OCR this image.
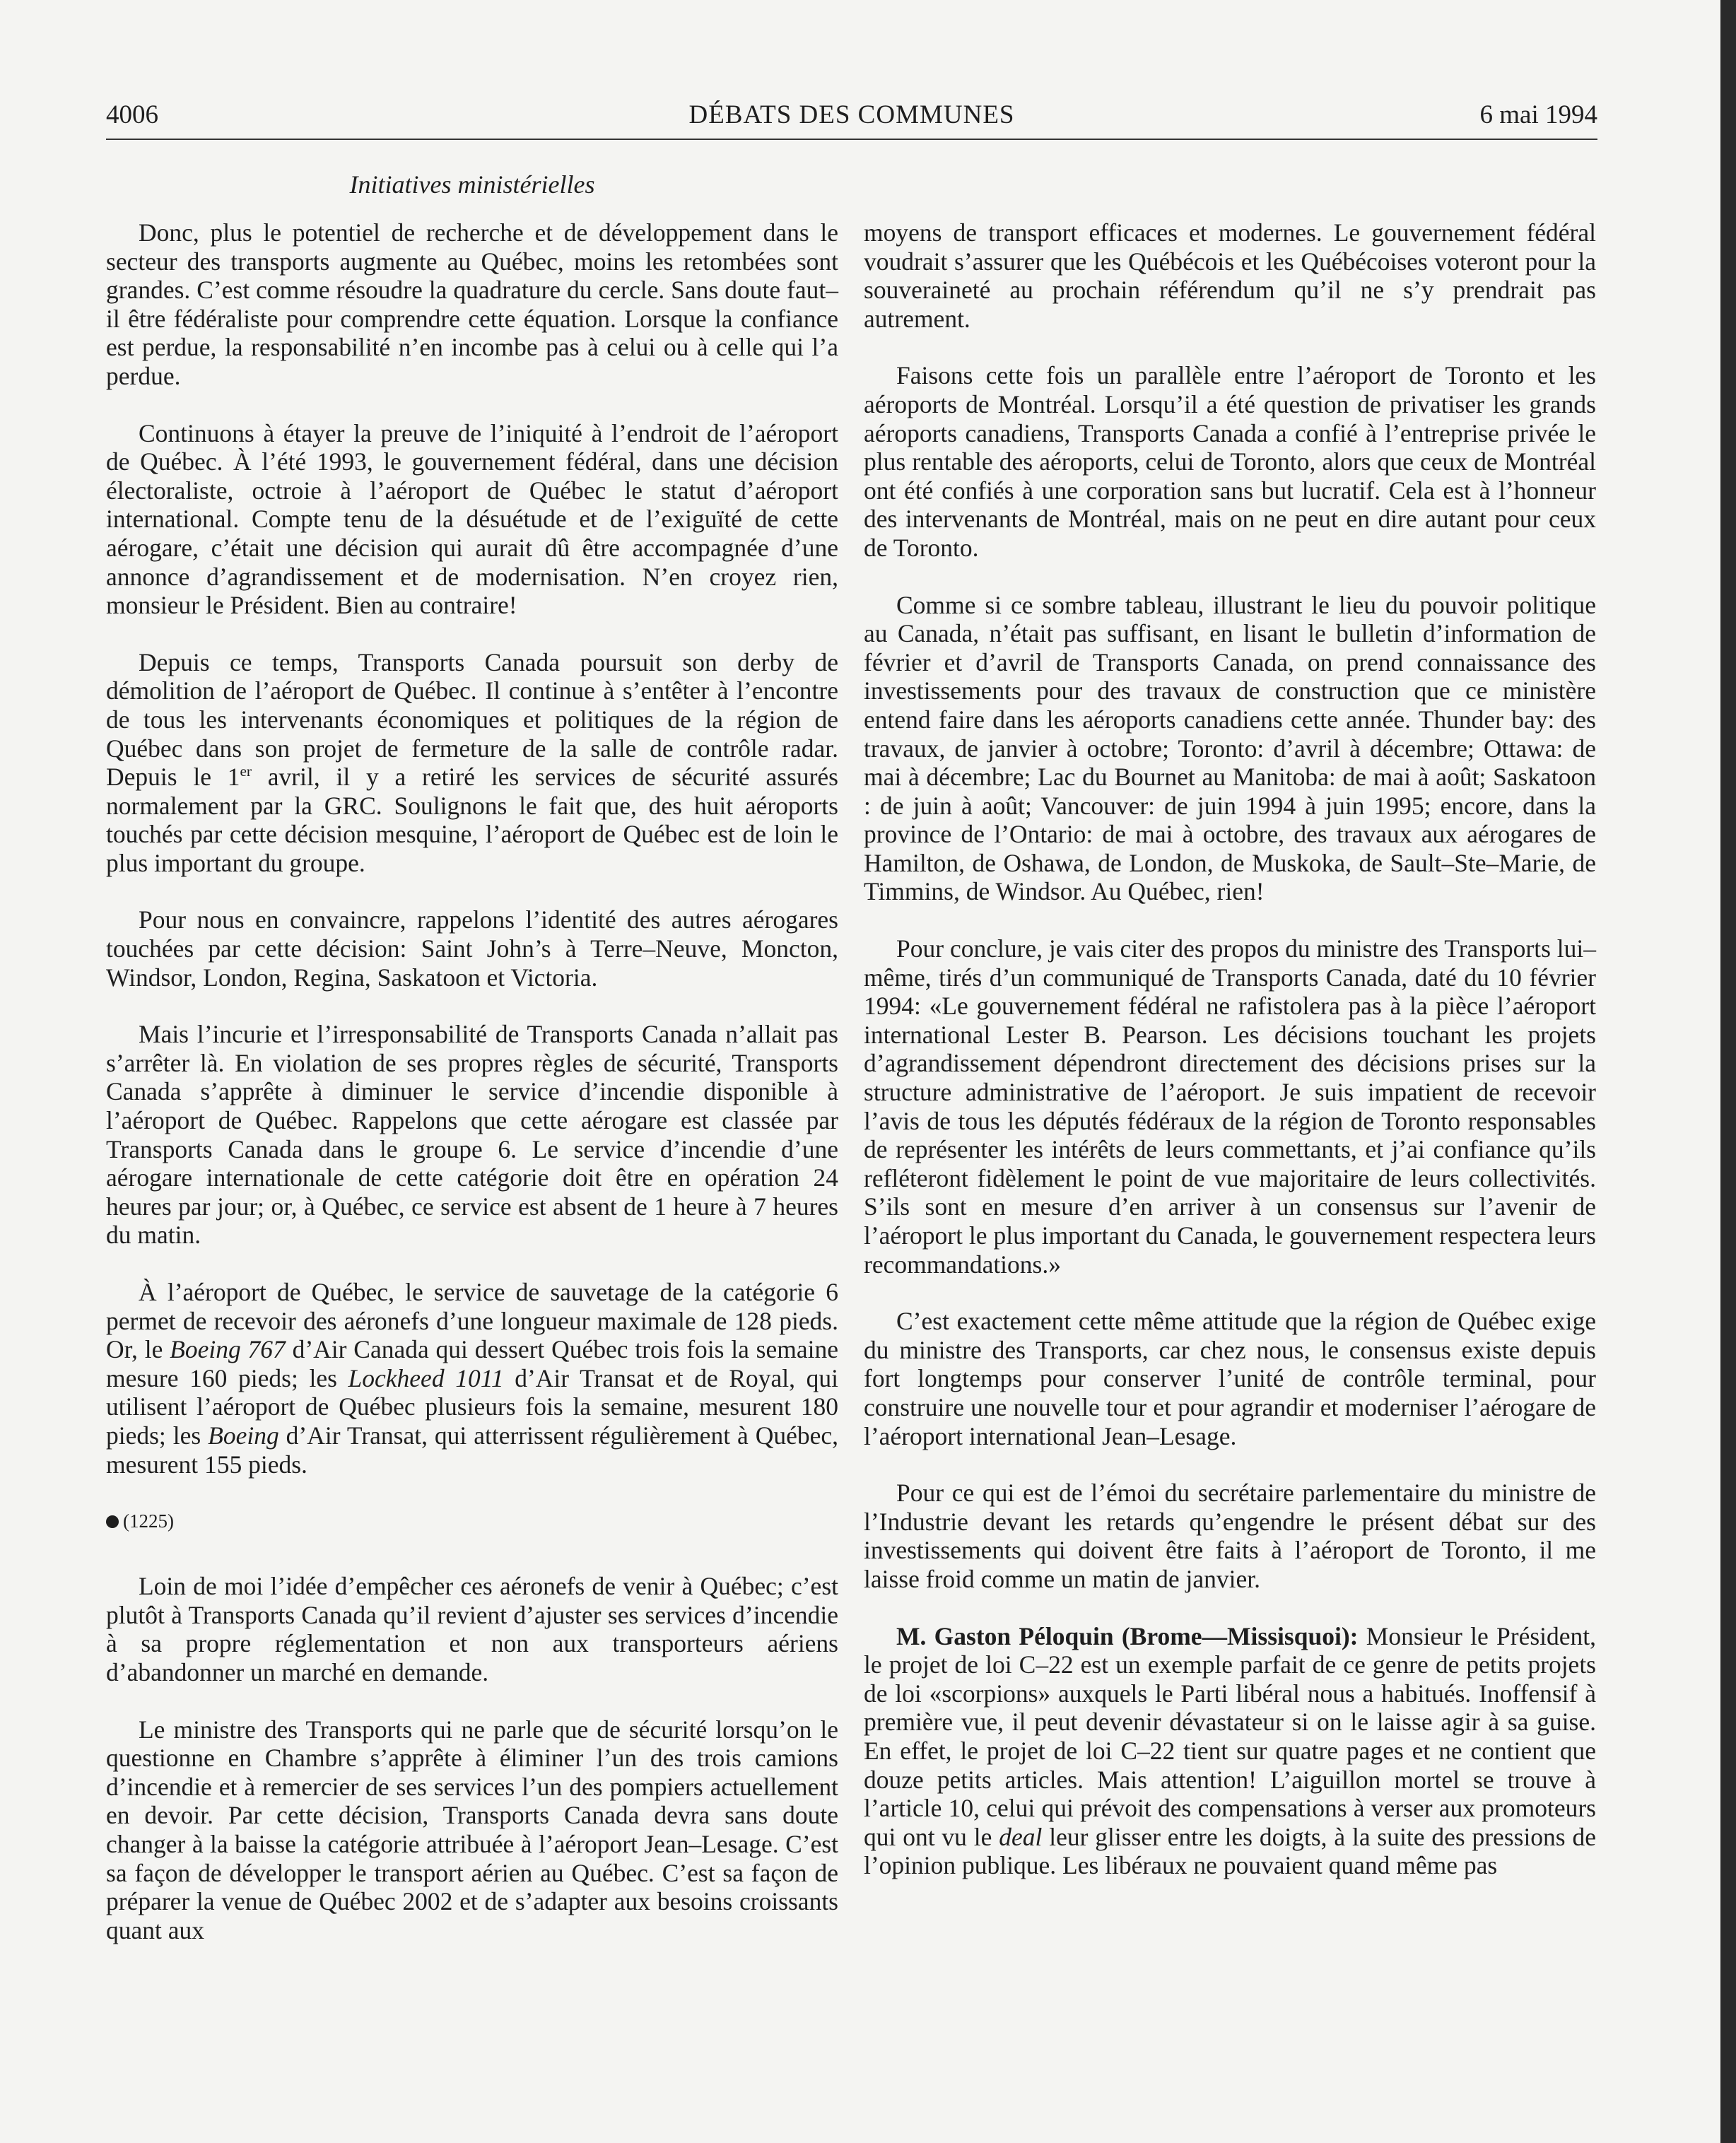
4006	DÉBATS DES COMMUNES	6 mai 1994
Initiatives ministérielles

Donc, plus le potentiel de recherche et de développement dans le secteur des transports augmente au Québec, moins les retombées sont grandes. C’est comme résoudre la quadrature du cercle. Sans doute faut–il être fédéraliste pour comprendre cette équation. Lorsque la confiance est perdue, la responsabilité n’en incombe pas à celui ou à celle qui l’a perdue.

Continuons à étayer la preuve de l’iniquité à l’endroit de l’aéroport de Québec. À l’été 1993, le gouvernement fédéral, dans une décision électoraliste, octroie à l’aéroport de Québec le statut d’aéroport international. Compte tenu de la désuétude et de l’exiguïté de cette aérogare, c’était une décision qui aurait dû être accompagnée d’une annonce d’agrandissement et de modernisation. N’en croyez rien, monsieur le Président. Bien au contraire!

Depuis ce temps, Transports Canada poursuit son derby de démolition de l’aéroport de Québec. Il continue à s’entêter à l’encontre de tous les intervenants économiques et politiques de la région de Québec dans son projet de fermeture de la salle de contrôle radar. Depuis le 1er avril, il y a retiré les services de sécurité assurés normalement par la GRC. Soulignons le fait que, des huit aéroports touchés par cette décision mesquine, l’aéroport de Québec est de loin le plus important du groupe.

Pour nous en convaincre, rappelons l’identité des autres aérogares touchées par cette décision: Saint John’s à Terre–Neuve, Moncton, Windsor, London, Regina, Saskatoon et Victoria.

Mais l’incurie et l’irresponsabilité de Transports Canada n’allait pas s’arrêter là. En violation de ses propres règles de sécurité, Transports Canada s’apprête à diminuer le service d’incendie disponible à l’aéroport de Québec. Rappelons que cette aérogare est classée par Transports Canada dans le groupe 6. Le service d’incendie d’une aérogare internationale de cette catégorie doit être en opération 24 heures par jour; or, à Québec, ce service est absent de 1 heure à 7 heures du matin.

À l’aéroport de Québec, le service de sauvetage de la catégorie 6 permet de recevoir des aéronefs d’une longueur maximale de 128 pieds. Or, le Boeing 767 d’Air Canada qui dessert Québec trois fois la semaine mesure 160 pieds; les Lockheed 1011 d’Air Transat et de Royal, qui utilisent l’aéroport de Québec plusieurs fois la semaine, mesurent 180 pieds; les Boeing d’Air Transat, qui atterrissent régulièrement à Québec, mesurent 155 pieds.

(1225)

Loin de moi l’idée d’empêcher ces aéronefs de venir à Québec; c’est plutôt à Transports Canada qu’il revient d’ajuster ses services d’incendie à sa propre réglementation et non aux transporteurs aériens d’abandonner un marché en demande.

Le ministre des Transports qui ne parle que de sécurité lorsqu’on le questionne en Chambre s’apprête à éliminer l’un des trois camions d’incendie et à remercier de ses services l’un des pompiers actuellement en devoir. Par cette décision, Transports Canada devra sans doute changer à la baisse la catégorie attribuée à l’aéroport Jean–Lesage. C’est sa façon de développer le transport aérien au Québec. C’est sa façon de préparer la venue de Québec 2002 et de s’adapter aux besoins croissants quant aux

moyens de transport efficaces et modernes. Le gouvernement fédéral voudrait s’assurer que les Québécois et les Québécoises voteront pour la souveraineté au prochain référendum qu’il ne s’y prendrait pas autrement.

Faisons cette fois un parallèle entre l’aéroport de Toronto et les aéroports de Montréal. Lorsqu’il a été question de privatiser les grands aéroports canadiens, Transports Canada a confié à l’entreprise privée le plus rentable des aéroports, celui de Toronto, alors que ceux de Montréal ont été confiés à une corporation sans but lucratif. Cela est à l’honneur des intervenants de Montréal, mais on ne peut en dire autant pour ceux de Toronto.

Comme si ce sombre tableau, illustrant le lieu du pouvoir politique au Canada, n’était pas suffisant, en lisant le bulletin d’information de février et d’avril de Transports Canada, on prend connaissance des investissements pour des travaux de construction que ce ministère entend faire dans les aéroports canadiens cette année. Thunder bay: des travaux, de janvier à octobre; Toronto: d’avril à décembre; Ottawa: de mai à décembre; Lac du Bournet au Manitoba: de mai à août; Saskatoon : de juin à août; Vancouver: de juin 1994 à juin 1995; encore, dans la province de l’Ontario: de mai à octobre, des travaux aux aérogares de Hamilton, de Oshawa, de London, de Muskoka, de Sault–Ste–Marie, de Timmins, de Windsor. Au Québec, rien!

Pour conclure, je vais citer des propos du ministre des Transports lui–même, tirés d’un communiqué de Transports Canada, daté du 10 février 1994: «Le gouvernement fédéral ne rafistolera pas à la pièce l’aéroport international Lester B. Pearson. Les décisions touchant les projets d’agrandissement dépendront directement des décisions prises sur la structure administrative de l’aéroport. Je suis impatient de recevoir l’avis de tous les députés fédéraux de la région de Toronto responsables de représenter les intérêts de leurs commettants, et j’ai confiance qu’ils refléteront fidèlement le point de vue majoritaire de leurs collectivités. S’ils sont en mesure d’en arriver à un consensus sur l’avenir de l’aéroport le plus important du Canada, le gouvernement respectera leurs recommandations.»

C’est exactement cette même attitude que la région de Québec exige du ministre des Transports, car chez nous, le consensus existe depuis fort longtemps pour conserver l’unité de contrôle terminal, pour construire une nouvelle tour et pour agrandir et moderniser l’aérogare de l’aéroport international Jean–Lesage.

Pour ce qui est de l’émoi du secrétaire parlementaire du ministre de l’Industrie devant les retards qu’engendre le présent débat sur des investissements qui doivent être faits à l’aéroport de Toronto, il me laisse froid comme un matin de janvier.

M. Gaston Péloquin (Brome—Missisquoi): Monsieur le Président, le projet de loi C–22 est un exemple parfait de ce genre de petits projets de loi «scorpions» auxquels le Parti libéral nous a habitués. Inoffensif à première vue, il peut devenir dévastateur si on le laisse agir à sa guise. En effet, le projet de loi C–22 tient sur quatre pages et ne contient que douze petits articles. Mais attention! L’aiguillon mortel se trouve à l’article 10, celui qui prévoit des compensations à verser aux promoteurs qui ont vu le deal leur glisser entre les doigts, à la suite des pressions de l’opinion publique. Les libéraux ne pouvaient quand même pas
